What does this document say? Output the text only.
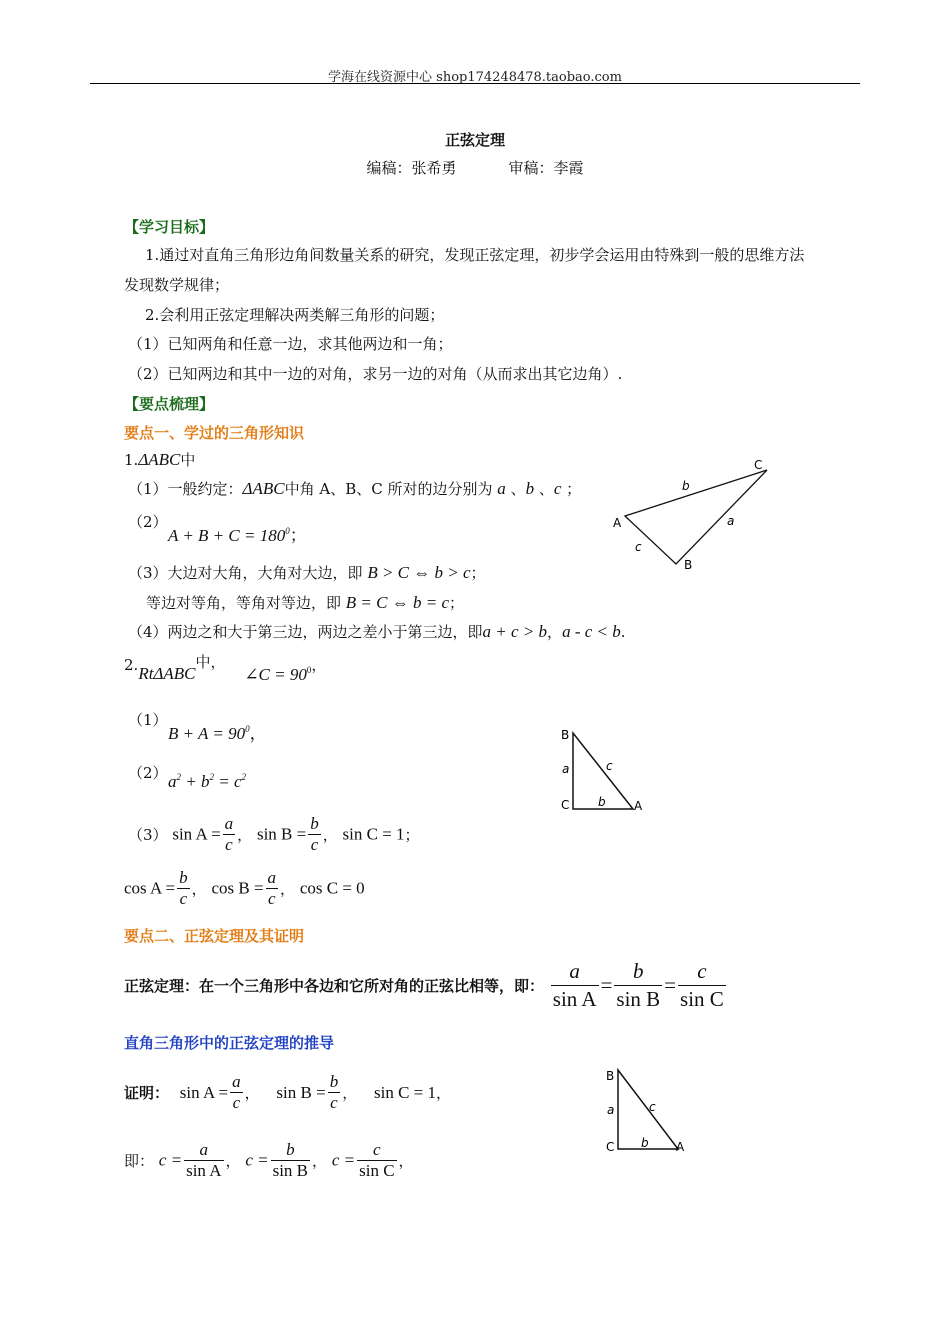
学海在线资源中心 shop174248478.taobao.com
正弦定理
编稿：张希勇	审稿：李霞
【学习目标】
1.通过对直角三角形边角间数量关系的研究，发现正弦定理，初步学会运用由特殊到一般的思维方法
发现数学规律；
2.会利用正弦定理解决两类解三角形的问题；
（1）已知两角和任意一边，求其他两边和一角；
（2）已知两边和其中一边的对角，求另一边的对角（从而求出其它边角）.
【要点梳理】
要点一、学过的三角形知识
1.ΔABC中
（1）一般约定：ΔABC中角 A、B、C 所对的边分别为 a 、b 、c ；
（2）
$A + B + C = 180^0$；
（3）大边对大角，大角对大边，即 B > C ⇔ b > c；
等边对等角，等角对等边，即 B = C ⇔ b = c；
（4）两边之和大于第三边，两边之差小于第三边，即a + c > b，a - c < b.
2.RtΔABC中， ∠C = $90_0$，
（1）
$B + A = 90^0$，
（2） $a^2 + b^2 = c^2$
（3） $\sin A = \frac{a}{c}$ ， $\sin B = \frac{b}{c}$ ， sin C = 1；
$\cos A = \frac{b}{c}$ ， $\cos B = \frac{a}{c}$ ， cos C = 0
要点二、正弦定理及其证明
正弦定理：在一个三角形中各边和它所对角的正弦比相等，即： $\frac{a}{\text{sin A}} = \frac{b}{\text{sin B}} = \frac{c}{\text{sin C}}$
直角三角形中的正弦定理的推导
证明： $\sin A = \frac{a}{c}$ ， $\sin B = \frac{b}{c}$ ， sin C = 1，
即： $c = \frac{a}{\text{sin A}}$ ， $c = \frac{b}{\text{sin B}}$ ， $c = \frac{c}{\text{sin C}}$ ，
C
A
B
b
a
c
B
C	A
a	c
b
B
C	A
a	c
b
